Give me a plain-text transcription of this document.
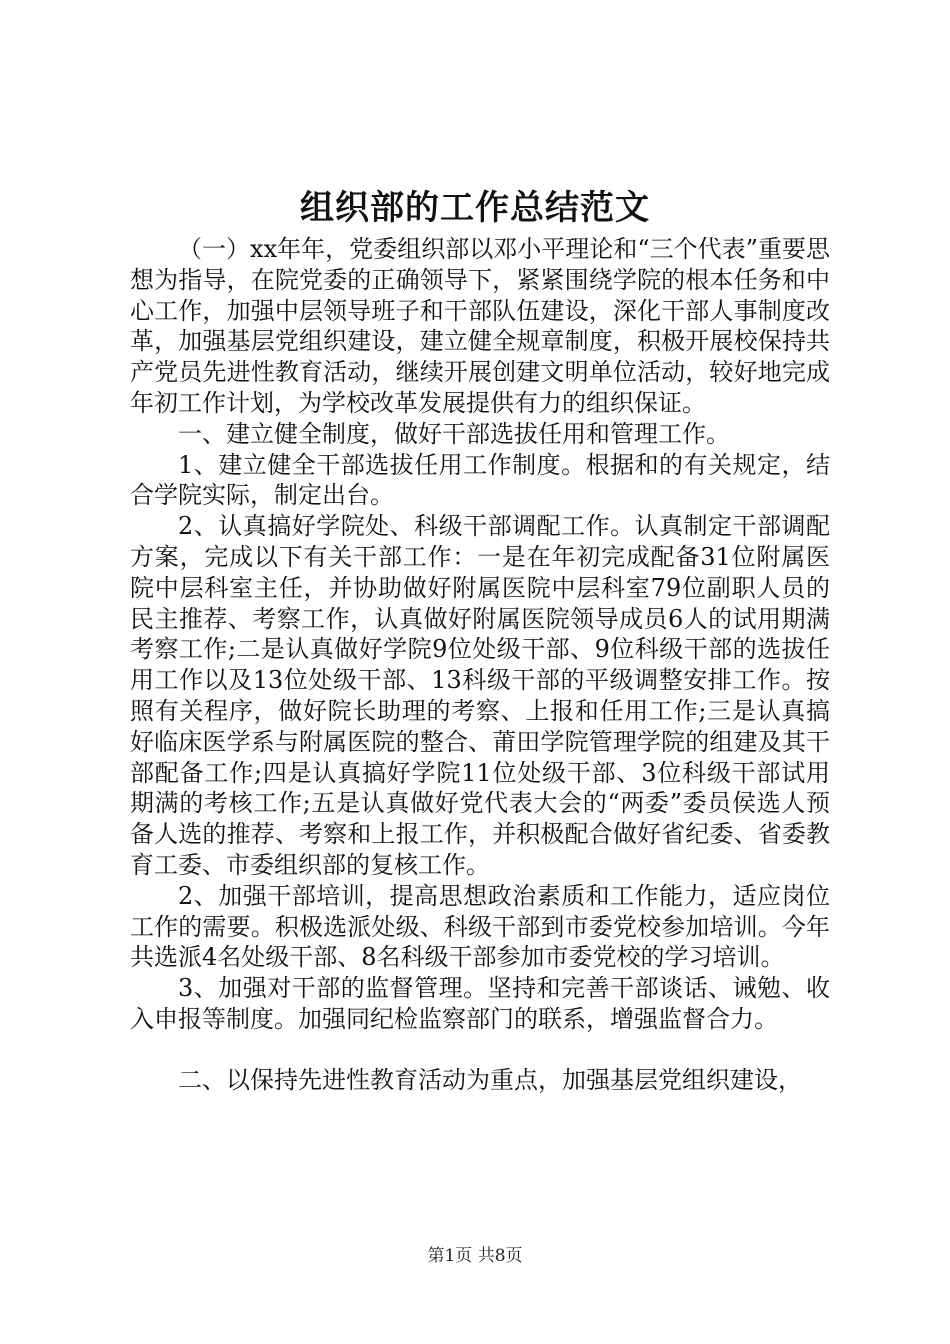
组织部的工作总结范文

（一）xx年年，党委组织部以邓小平理论和“三个代表”重要思想为指导，在院党委的正确领导下，紧紧围绕学院的根本任务和中心工作，加强中层领导班子和干部队伍建设，深化干部人事制度改革，加强基层党组织建设，建立健全规章制度，积极开展校保持共产党员先进性教育活动，继续开展创建文明单位活动，较好地完成年初工作计划，为学校改革发展提供有力的组织保证。

一、建立健全制度，做好干部选拔任用和管理工作。

1、建立健全干部选拔任用工作制度。根据和的有关规定，结合学院实际，制定出台。

2、认真搞好学院处、科级干部调配工作。认真制定干部调配方案，完成以下有关干部工作：一是在年初完成配备31位附属医院中层科室主任，并协助做好附属医院中层科室79位副职人员的民主推荐、考察工作，认真做好附属医院领导成员6人的试用期满考察工作;二是认真做好学院9位处级干部、9位科级干部的选拔任用工作以及13位处级干部、13科级干部的平级调整安排工作。按照有关程序，做好院长助理的考察、上报和任用工作;三是认真搞好临床医学系与附属医院的整合、莆田学院管理学院的组建及其干部配备工作;四是认真搞好学院11位处级干部、3位科级干部试用期满的考核工作;五是认真做好党代表大会的“两委”委员侯选人预备人选的推荐、考察和上报工作，并积极配合做好省纪委、省委教育工委、市委组织部的复核工作。

2、加强干部培训，提高思想政治素质和工作能力，适应岗位工作的需要。积极选派处级、科级干部到市委党校参加培训。今年共选派4名处级干部、8名科级干部参加市委党校的学习培训。

3、加强对干部的监督管理。坚持和完善干部谈话、诫勉、收入申报等制度。加强同纪检监察部门的联系，增强监督合力。

二、以保持先进性教育活动为重点，加强基层党组织建设，

第1页 共8页
